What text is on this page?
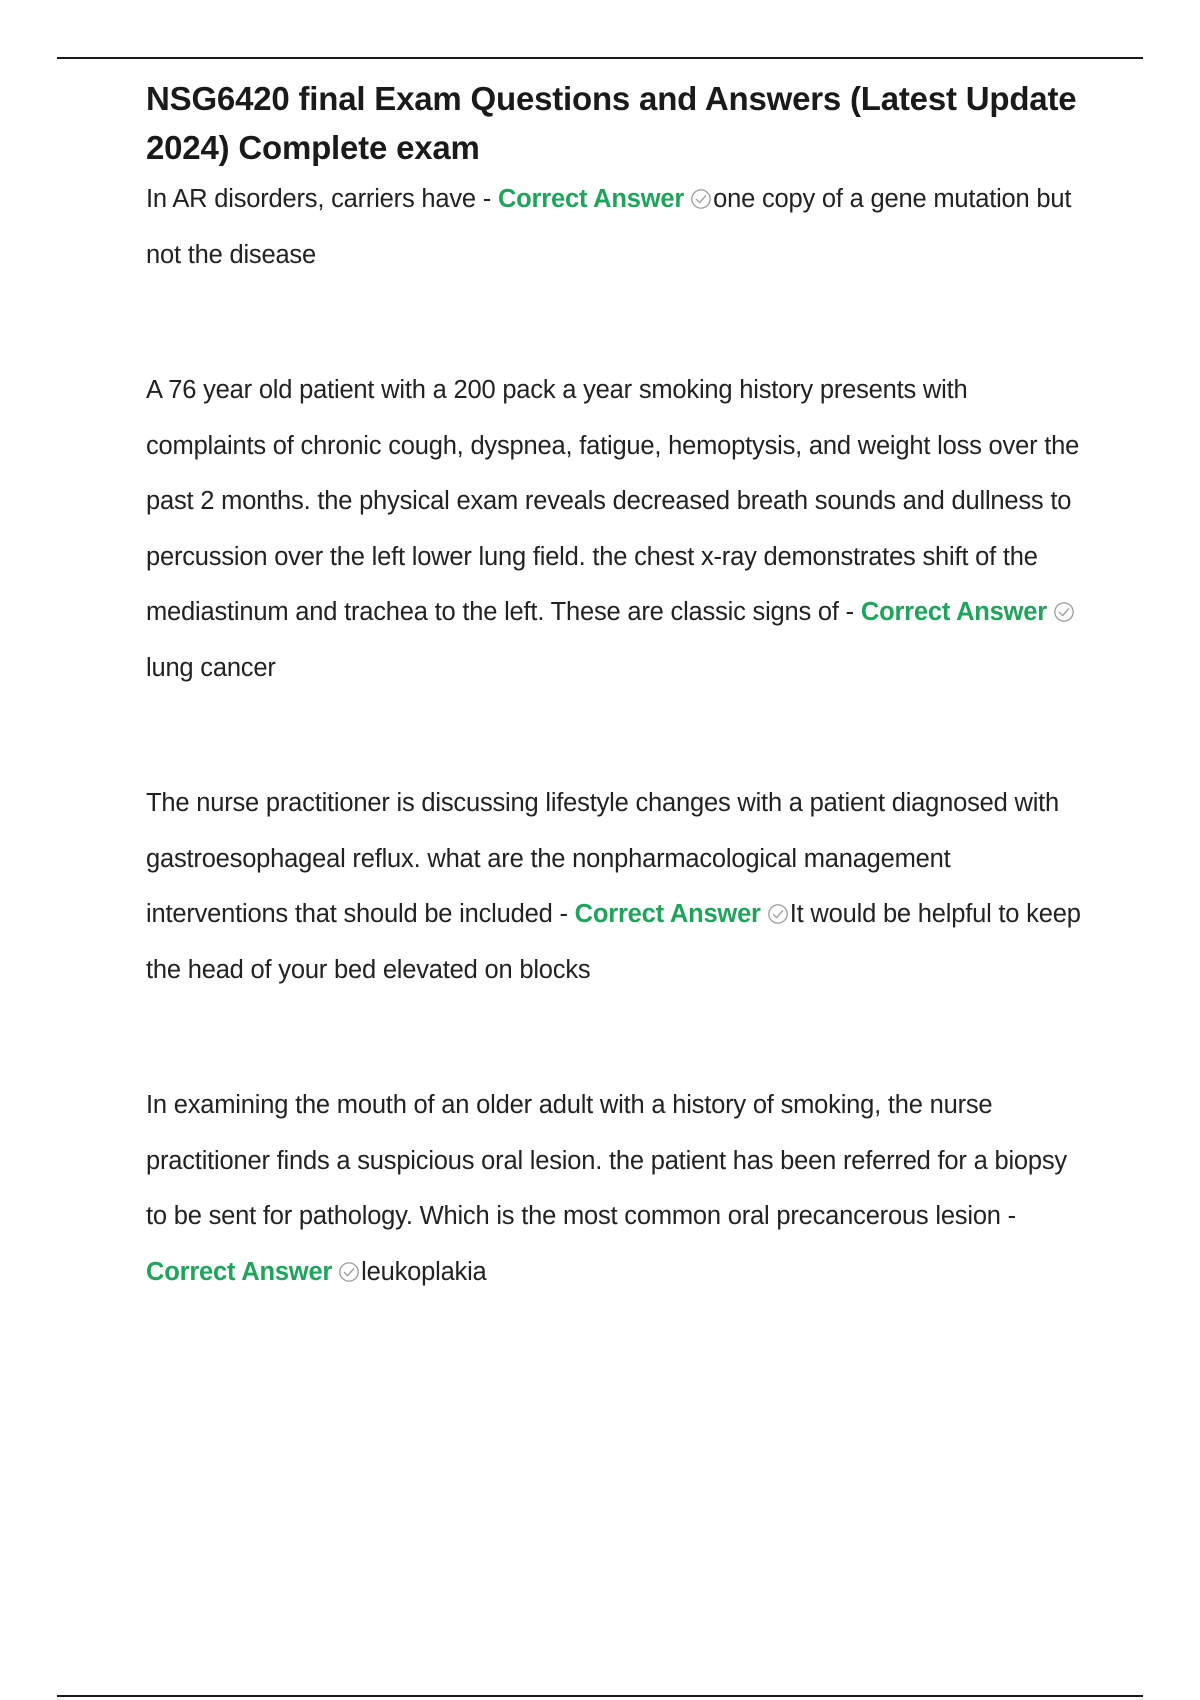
NSG6420 final Exam Questions and Answers (Latest Update 2024) Complete exam

In AR disorders, carriers have - Correct Answer one copy of a gene mutation but not the disease

A 76 year old patient with a 200 pack a year smoking history presents with complaints of chronic cough, dyspnea, fatigue, hemoptysis, and weight loss over the past 2 months. the physical exam reveals decreased breath sounds and dullness to percussion over the left lower lung field. the chest x-ray demonstrates shift of the mediastinum and trachea to the left. These are classic signs of - Correct Answer
lung cancer

The nurse practitioner is discussing lifestyle changes with a patient diagnosed with gastroesophageal reflux. what are the nonpharmacological management interventions that should be included - Correct Answer It would be helpful to keep the head of your bed elevated on blocks

In examining the mouth of an older adult with a history of smoking, the nurse practitioner finds a suspicious oral lesion. the patient has been referred for a biopsy to be sent for pathology. Which is the most common oral precancerous lesion - Correct Answer leukoplakia
